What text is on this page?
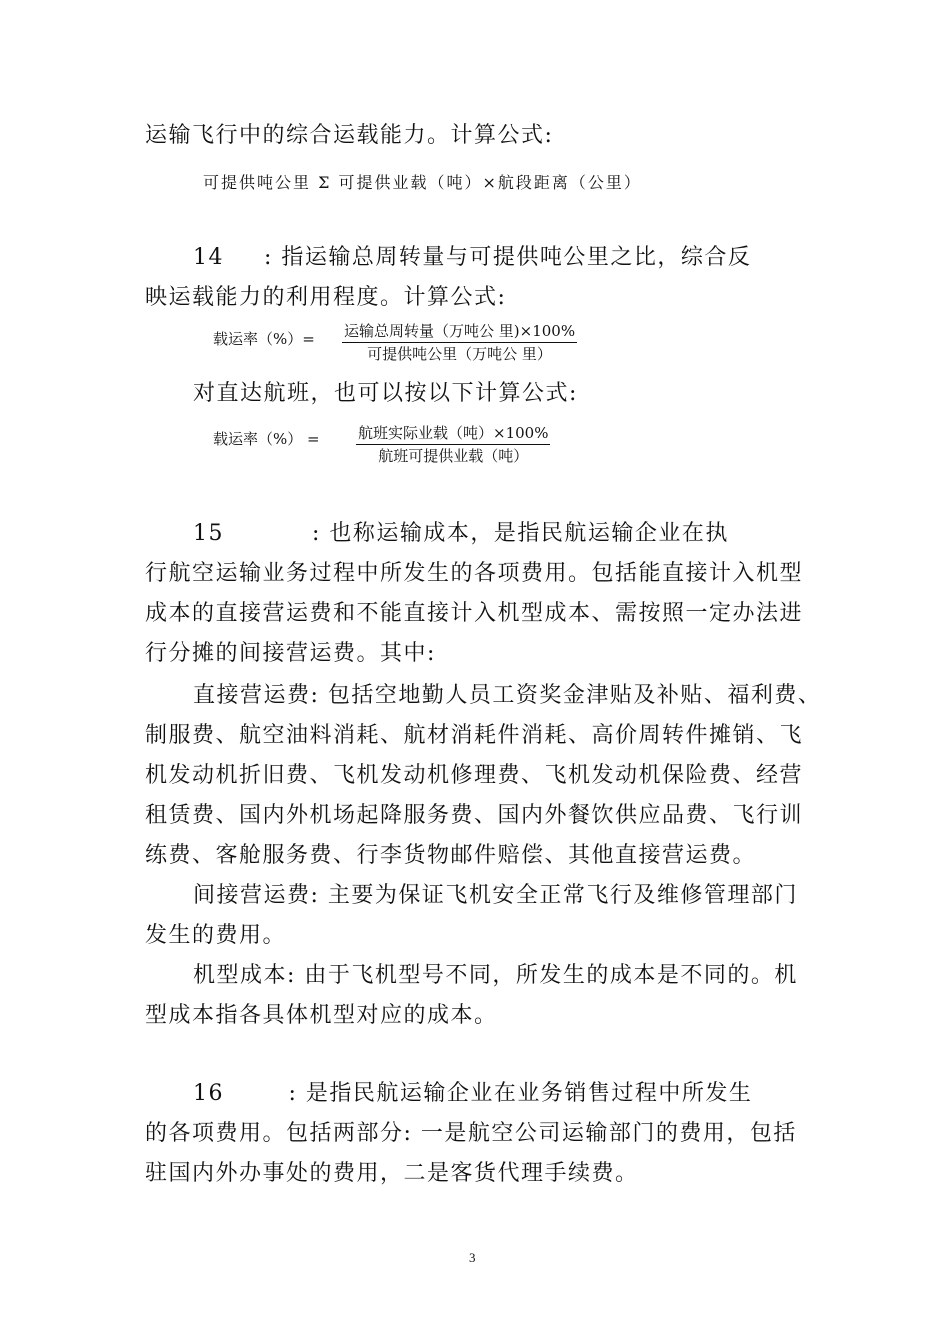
运输飞行中的综合运载能力。计算公式:
可提供吨公里 Σ 可提供业载（吨）×航段距离（公里）
14 : 指运输总周转量与可提供吨公里之比，综合反
映运载能力的利用程度。计算公式:
载运率（%）= 运输总周转量（万吨公 里)×100%
可提供吨公里（万吨公 里）
对直达航班，也可以按以下计算公式:
载运率（%） =	航班实际业载（吨）×100%
航班可提供业载（吨）
15	: 也称运输成本，是指民航运输企业在执
行航空运输业务过程中所发生的各项费用。包括能直接计入机型
成本的直接营运费和不能直接计入机型成本、需按照一定办法进
行分摊的间接营运费。其中:
直接营运费: 包括空地勤人员工资奖金津贴及补贴、福利费、
制服费、航空油料消耗、航材消耗件消耗、高价周转件摊销、飞
机发动机折旧费、飞机发动机修理费、飞机发动机保险费、经营
租赁费、国内外机场起降服务费、国内外餐饮供应品费、飞行训
练费、客舱服务费、行李货物邮件赔偿、其他直接营运费。
间接营运费: 主要为保证飞机安全正常飞行及维修管理部门
发生的费用。
机型成本: 由于飞机型号不同，所发生的成本是不同的。机
型成本指各具体机型对应的成本。
16	: 是指民航运输企业在业务销售过程中所发生
的各项费用。包括两部分: 一是航空公司运输部门的费用，包括
驻国内外办事处的费用，二是客货代理手续费。
3
